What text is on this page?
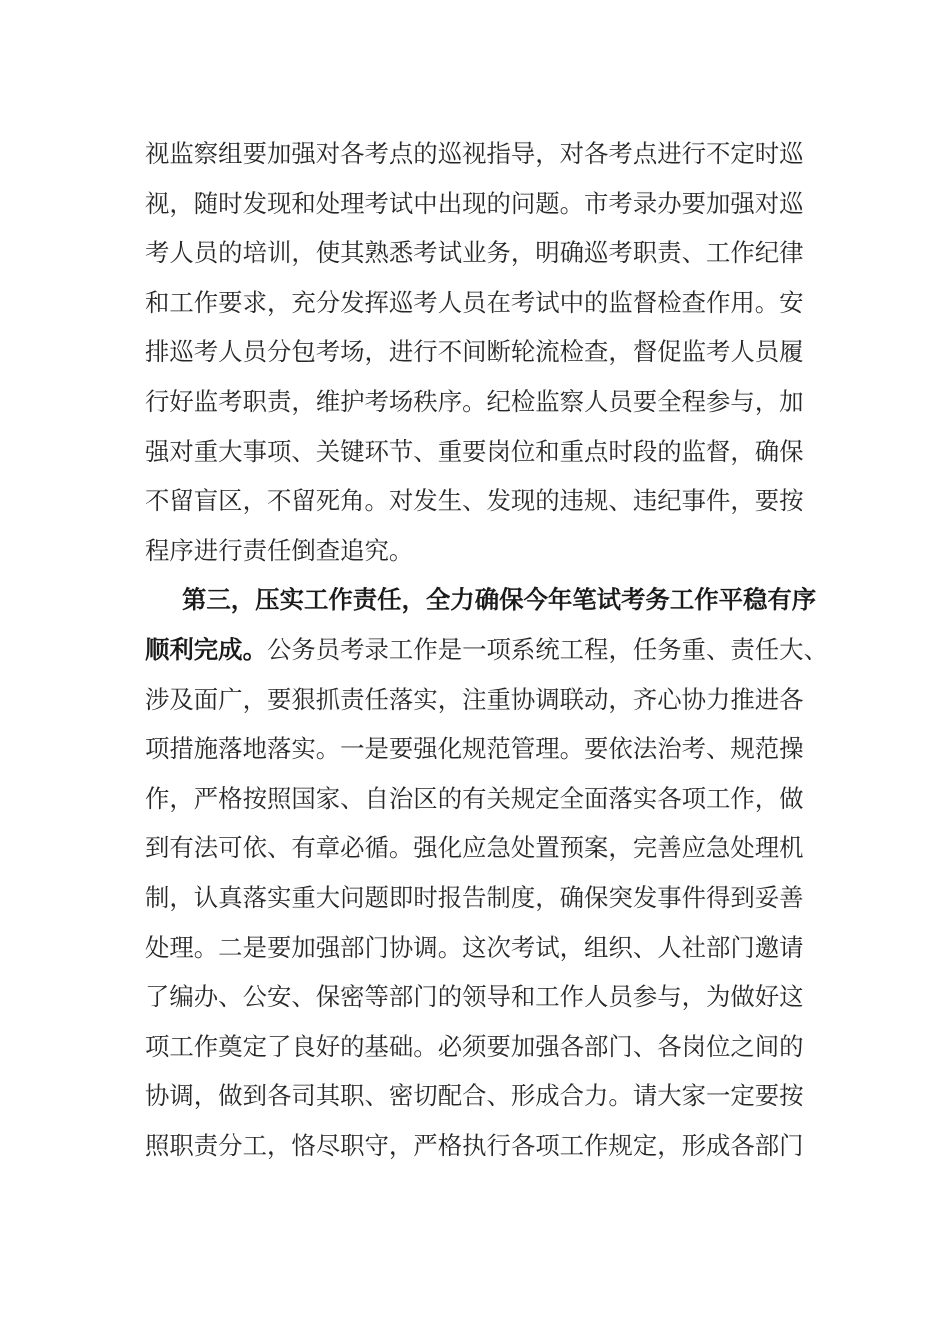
视监察组要加强对各考点的巡视指导，对各考点进行不定时巡
视，随时发现和处理考试中出现的问题。市考录办要加强对巡
考人员的培训，使其熟悉考试业务，明确巡考职责、工作纪律
和工作要求，充分发挥巡考人员在考试中的监督检查作用。安
排巡考人员分包考场，进行不间断轮流检查，督促监考人员履
行好监考职责，维护考场秩序。纪检监察人员要全程参与，加
强对重大事项、关键环节、重要岗位和重点时段的监督，确保
不留盲区，不留死角。对发生、发现的违规、违纪事件，要按
程序进行责任倒查追究。
第三，压实工作责任，全力确保今年笔试考务工作平稳有序
顺利完成。公务员考录工作是一项系统工程，任务重、责任大、
涉及面广，要狠抓责任落实，注重协调联动，齐心协力推进各
项措施落地落实。一是要强化规范管理。要依法治考、规范操
作，严格按照国家、自治区的有关规定全面落实各项工作，做
到有法可依、有章必循。强化应急处置预案，完善应急处理机
制，认真落实重大问题即时报告制度，确保突发事件得到妥善
处理。二是要加强部门协调。这次考试，组织、人社部门邀请
了编办、公安、保密等部门的领导和工作人员参与，为做好这
项工作奠定了良好的基础。必须要加强各部门、各岗位之间的
协调，做到各司其职、密切配合、形成合力。请大家一定要按
照职责分工，恪尽职守，严格执行各项工作规定，形成各部门
